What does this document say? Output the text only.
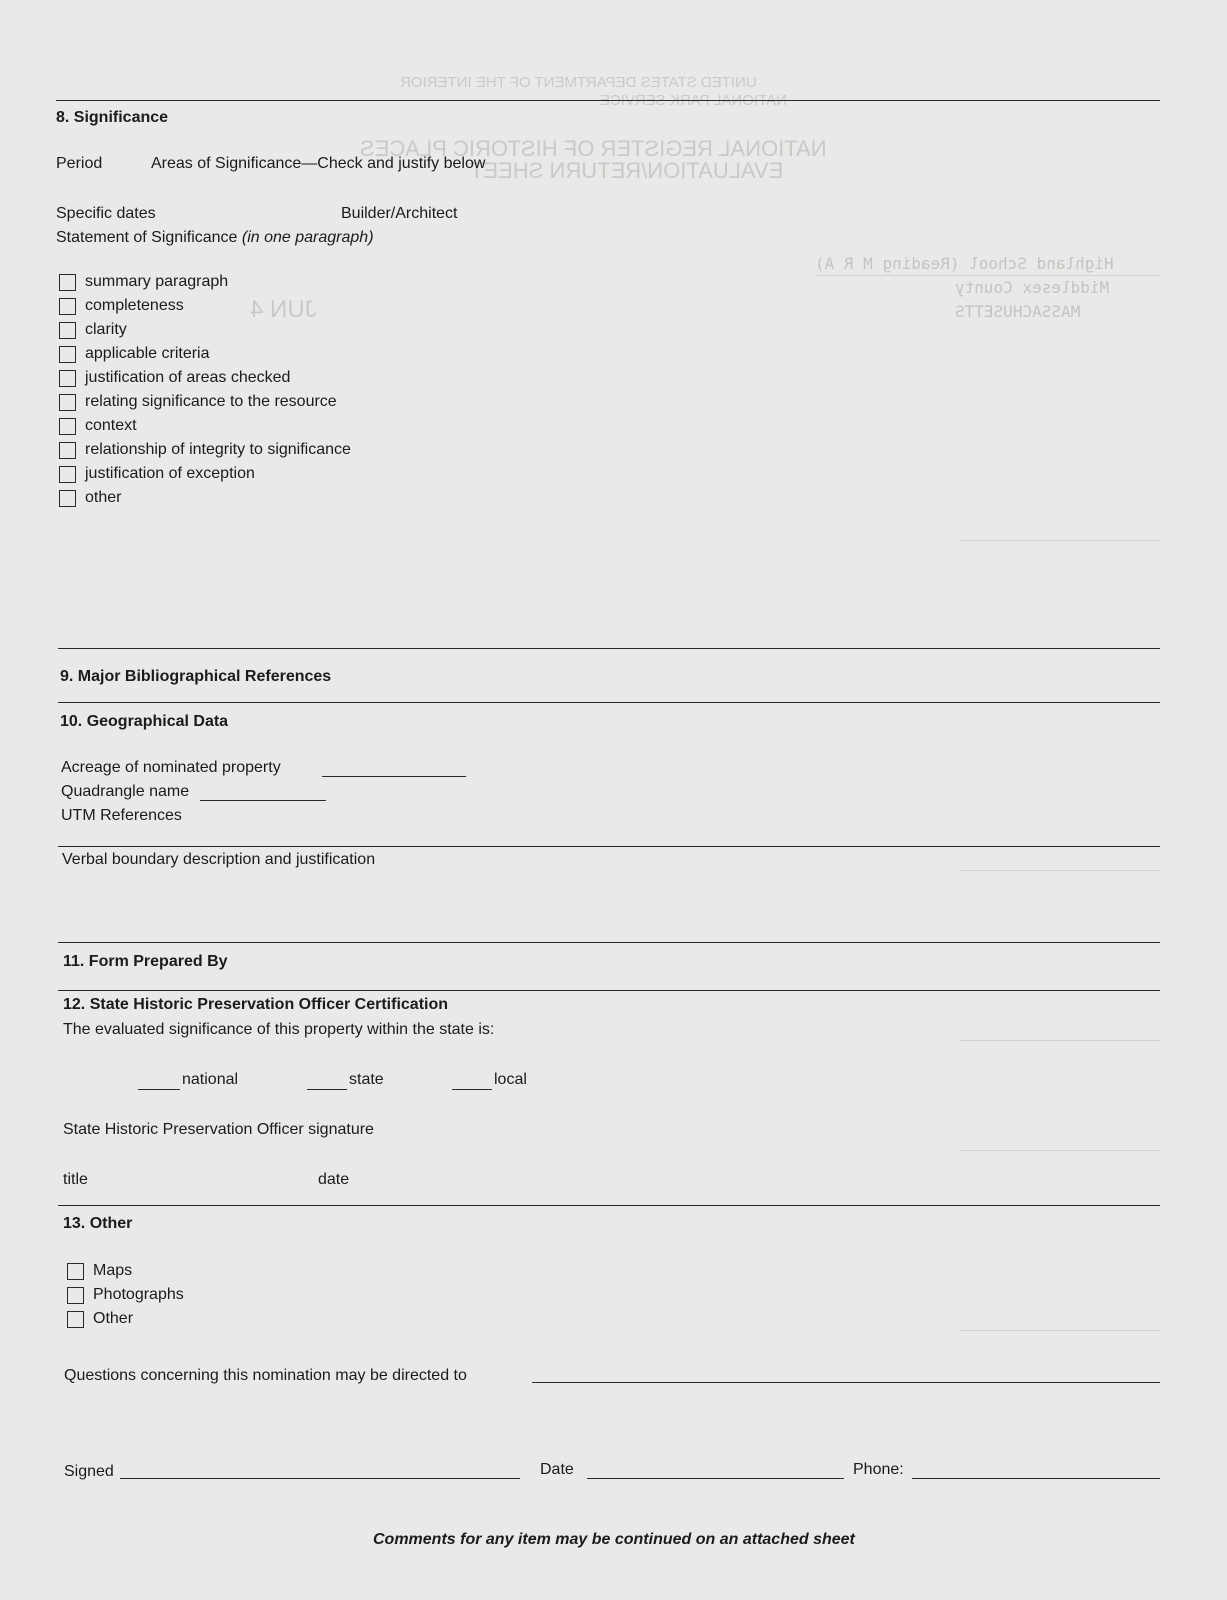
UNITED STATES DEPARTMENT OF THE INTERIOR
NATIONAL PARK SERVICE
NATIONAL REGISTER OF HISTORIC PLACES
EVALUATION/RETURN SHEET
Highland School (Reading M R A)
Middlesex County
MASSACHUSETTS
JUN 4
8. Significance
Period	Areas of Significance—Check and justify below
Specific dates	Builder/Architect
Statement of Significance (in one paragraph)
summary paragraph
completeness
clarity
applicable criteria
justification of areas checked
relating significance to the resource
context
relationship of integrity to significance
justification of exception
other
9. Major Bibliographical References
10. Geographical Data
Acreage of nominated property
Quadrangle name
UTM References
Verbal boundary description and justification
11. Form Prepared By
12. State Historic Preservation Officer Certification
The evaluated significance of this property within the state is:
national	state	local
State Historic Preservation Officer signature
title	date
13. Other
Maps
Photographs
Other
Questions concerning this nomination may be directed to
Signed	Date	Phone:
Comments for any item may be continued on an attached sheet
